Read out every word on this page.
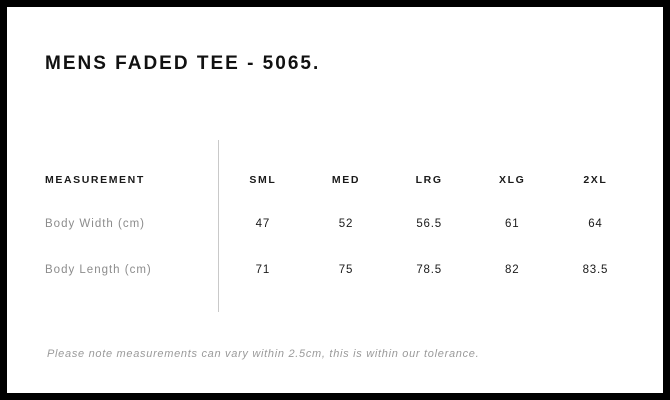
MENS FADED TEE - 5065.
MEASUREMENT	SML	MED	LRG	XLG	2XL
Body Width (cm)	47	52	56.5	61	64
Body Length (cm)	71	75	78.5	82	83.5
Please note measurements can vary within 2.5cm, this is within our tolerance.
